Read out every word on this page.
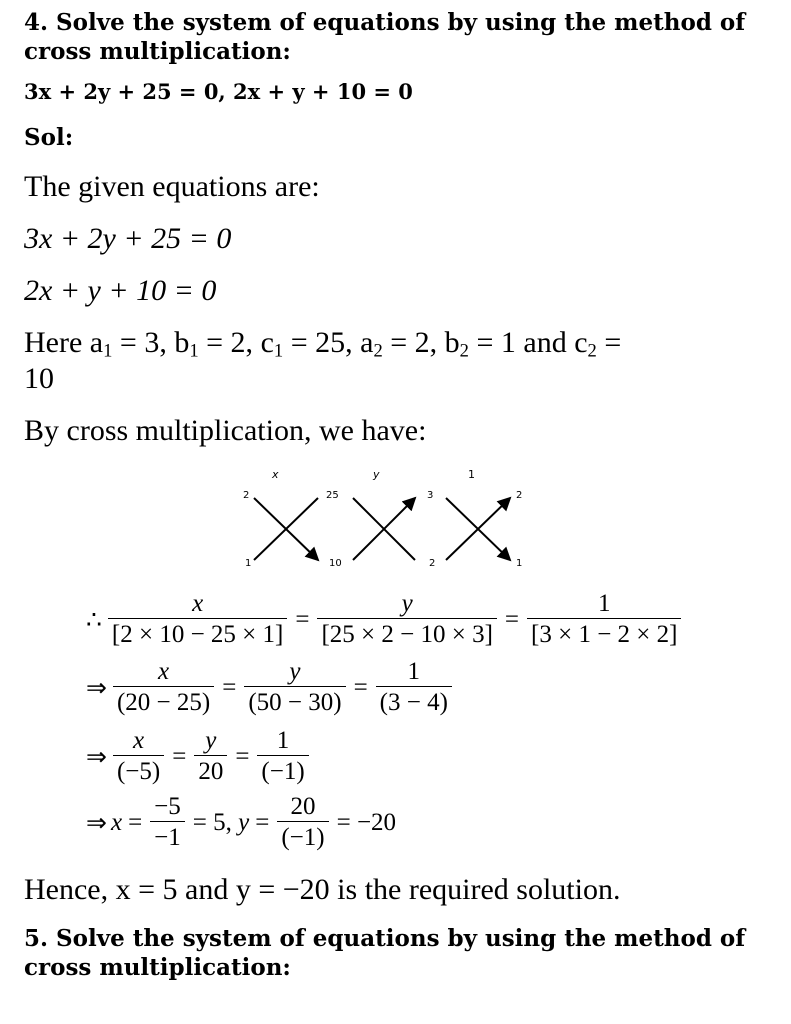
4. Solve the system of equations by using the method of
cross multiplication:
3x + 2y + 25 = 0, 2x + y + 10 = 0
Sol:
The given equations are:
3x + 2y + 25 = 0
2x + y + 10 = 0
Here $a_1 = 3$, $b_1 = 2$, $c_1 = 25$, $a_2 = 2$, $b_2 = 1$ and $c_2$ =
10
By cross multiplication, we have:
x	y	1
2	25
1	10
3
2
2
1
∴ $\frac{x}{[2 \times 10 - 25 \times 1]} = \frac{y}{[25 \times 2 - 10 \times 3]} = \frac{1}{[3 \times 1 - 2 \times 2]}$
⇒ $\frac{x}{(20 - 25)} = \frac{y}{(50 - 30)} = \frac{1}{(3 - 4)}$
⇒ $\frac{x}{(-5)} = \frac{y}{20} = \frac{1}{(-1)}$
⇒ $x = \frac{-5}{-1} = 5$, $y = \frac{20}{(-1)} = -20$
Hence, x = 5 and y = −20 is the required solution.
5. Solve the system of equations by using the method of
cross multiplication:
